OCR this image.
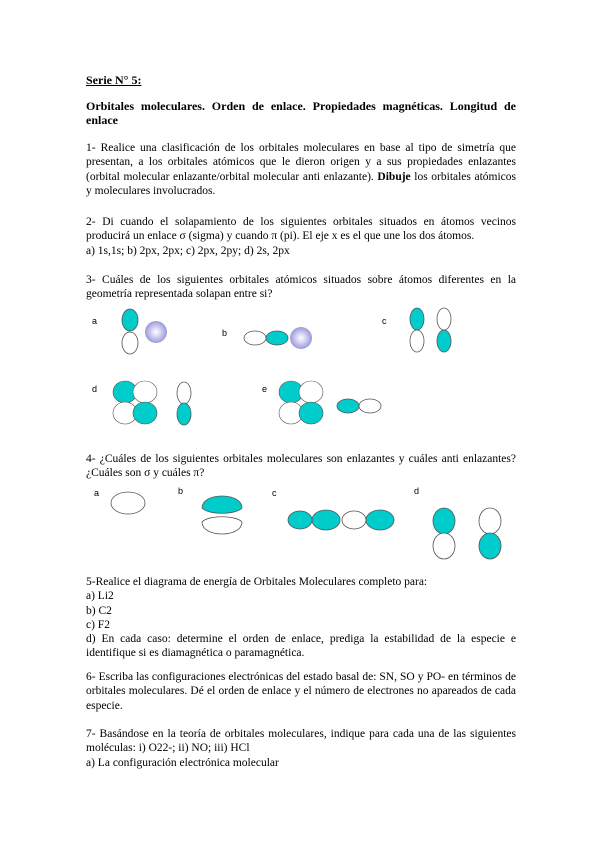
Serie N° 5:
Orbitales moleculares. Orden de enlace. Propiedades magnéticas. Longitud de enlace
1- Realice una clasificación de los orbitales moleculares en base al tipo de simetría que presentan, a los orbitales atómicos que le dieron origen y a sus propiedades enlazantes (orbital molecular enlazante/orbital molecular anti enlazante). Dibuje los orbitales atómicos y moleculares involucrados.
2- Di cuando el solapamiento de los siguientes orbitales situados en átomos vecinos producirá un enlace σ (sigma) y cuando π (pi). El eje x es el que une los dos átomos.
a) 1s,1s; b) 2px, 2px; c) 2px, 2py; d) 2s, 2px
3- Cuáles de los siguientes orbitales atómicos situados sobre átomos diferentes en la geometría representada solapan entre si?
a
b
c
d	e
4- ¿Cuáles de los siguientes orbitales moleculares son enlazantes y cuáles anti enlazantes? ¿Cuáles son σ y cuáles π?
a	b	c	d
5-Realice el diagrama de energía de Orbitales Moleculares completo para:
a) Li2
b) C2
c) F2
d) En cada caso: determine el orden de enlace, prediga la estabilidad de la especie e identifique si es diamagnética o paramagnética.
6- Escriba las configuraciones electrónicas del estado basal de: SN, SO y PO- en términos de orbitales moleculares. Dé el orden de enlace y el número de electrones no apareados de cada especie.
7- Basándose en la teoría de orbitales moleculares, indique para cada una de las siguientes moléculas: i) O22-; ii) NO; iii) HCl
a) La configuración electrónica molecular
